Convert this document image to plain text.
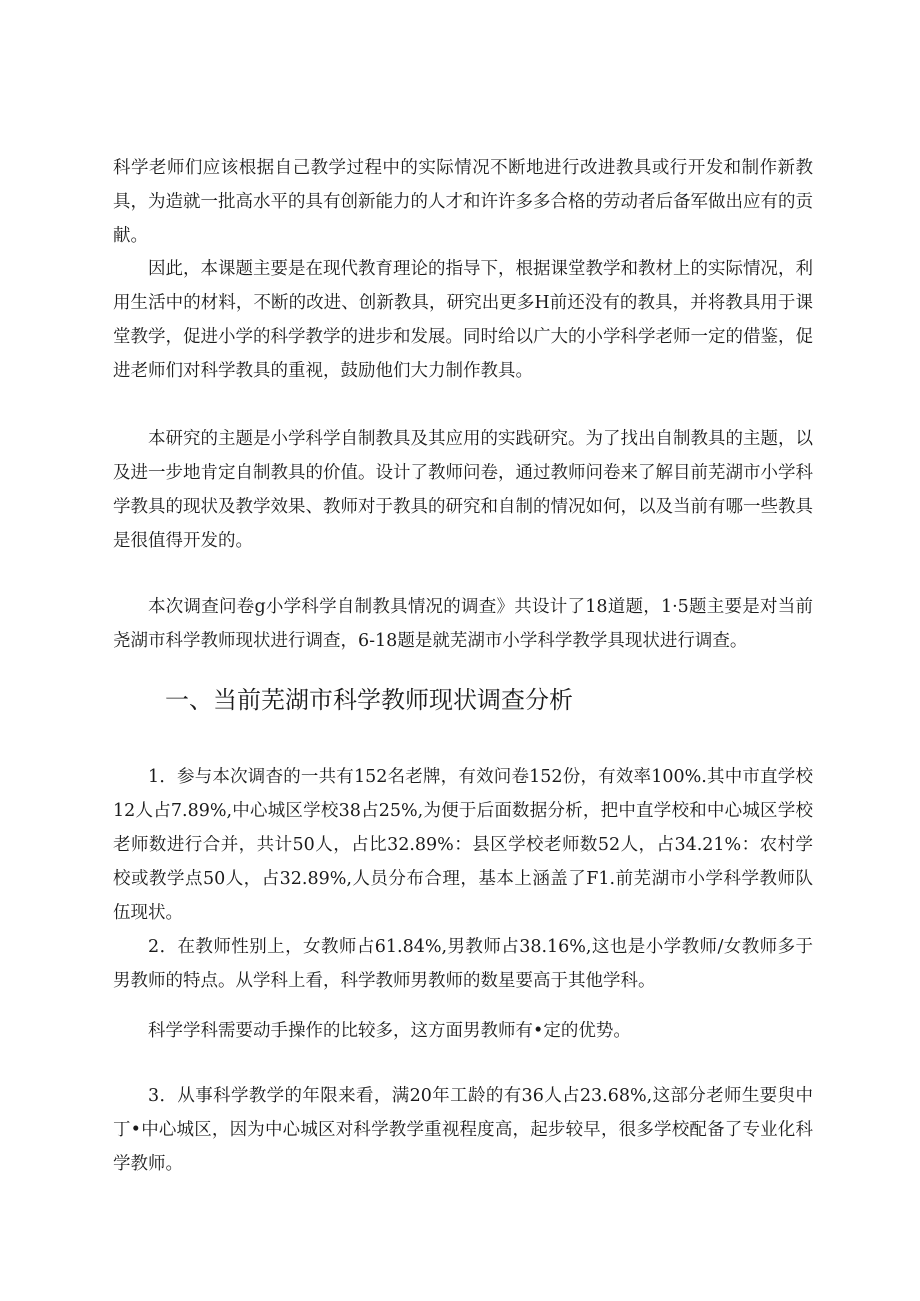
科学老师们应该根据自己教学过程中的实际情况不断地进行改进教具或行开发和制作新教具，为造就一批高水平的具有创新能力的人才和许许多多合格的劳动者后备军做出应有的贡献。

因此，本课题主要是在现代教育理论的指导下，根据课堂教学和教材上的实际情况，利用生活中的材料，不断的改进、创新教具，研究出更多H前还没有的教具，并将教具用于课堂教学，促进小学的科学教学的进步和发展。同时给以广大的小学科学老师一定的借鉴，促进老师们对科学教具的重视，鼓励他们大力制作教具。

本研究的主题是小学科学自制教具及其应用的实践研究。为了找出自制教具的主题，以及进一步地肯定自制教具的价值。设计了教师问卷，通过教师问卷来了解目前芜湖市小学科学教具的现状及教学效果、教师对于教具的研究和自制的情况如何，以及当前有哪一些教具是很值得开发的。

本次调查问卷g小学科学自制教具情况的调查》共设计了18道题，1·5题主要是对当前尧湖市科学教师现状进行调查，6-18题是就芜湖市小学科学教学具现状进行调查。

一、当前芜湖市科学教师现状调查分析

1．参与本次调杳的一共有152名老牌，有效问卷152份，有效率100%.其中市直学校12人占7.89%,中心城区学校38占25%,为便于后面数据分析，把中直学校和中心城区学校老师数进行合并，共计50人，占比32.89%：县区学校老师数52人，占34.21%：农村学校或教学点50人，占32.89%,人员分布合理，基本上涵盖了F1.前芜湖市小学科学教师队伍现状。

2．在教师性别上，女教师占61.84%,男教师占38.16%,这也是小学教师/女教师多于男教师的特点。从学科上看，科学教师男教师的数星要高于其他学科。

科学学科需要动手操作的比较多，这方面男教师有•定的优势。

3．从事科学教学的年限来看，满20年工龄的有36人占23.68%,这部分老师生要臾中丁•中心城区，因为中心城区对科学教学重视程度高，起步较早，很多学校配备了专业化科学教师。
